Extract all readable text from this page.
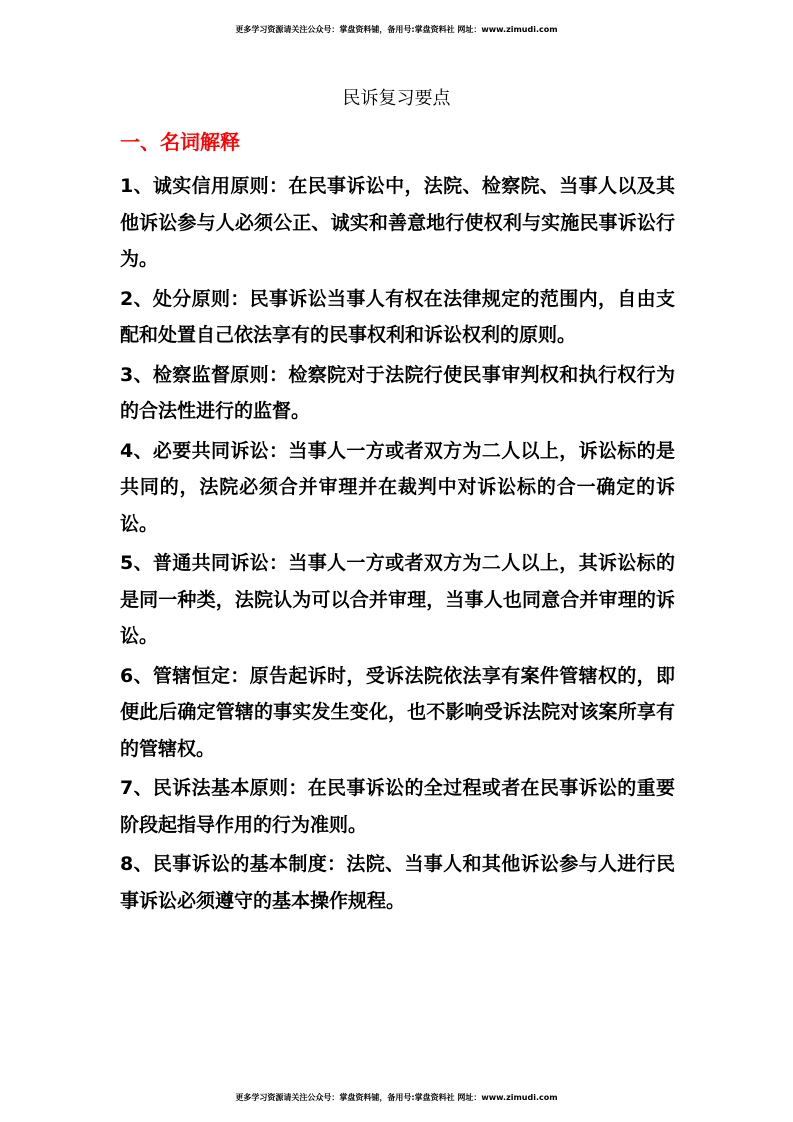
更多学习资源请关注公众号：掌盘资料铺，备用号:掌盘资料社 网址：www.zimudi.com
民诉复习要点
一、名词解释

1、诚实信用原则：在民事诉讼中，法院、检察院、当事人以及其他诉讼参与人必须公正、诚实和善意地行使权利与实施民事诉讼行为。

2、处分原则：民事诉讼当事人有权在法律规定的范围内，自由支配和处置自己依法享有的民事权利和诉讼权利的原则。

3、检察监督原则：检察院对于法院行使民事审判权和执行权行为的合法性进行的监督。

4、必要共同诉讼：当事人一方或者双方为二人以上，诉讼标的是共同的，法院必须合并审理并在裁判中对诉讼标的合一确定的诉讼。

5、普通共同诉讼：当事人一方或者双方为二人以上，其诉讼标的是同一种类，法院认为可以合并审理，当事人也同意合并审理的诉讼。

6、管辖恒定：原告起诉时，受诉法院依法享有案件管辖权的，即便此后确定管辖的事实发生变化，也不影响受诉法院对该案所享有的管辖权。

7、民诉法基本原则：在民事诉讼的全过程或者在民事诉讼的重要阶段起指导作用的行为准则。

8、民事诉讼的基本制度：法院、当事人和其他诉讼参与人进行民事诉讼必须遵守的基本操作规程。

更多学习资源请关注公众号：掌盘资料铺，备用号:掌盘资料社 网址：www.zimudi.com
